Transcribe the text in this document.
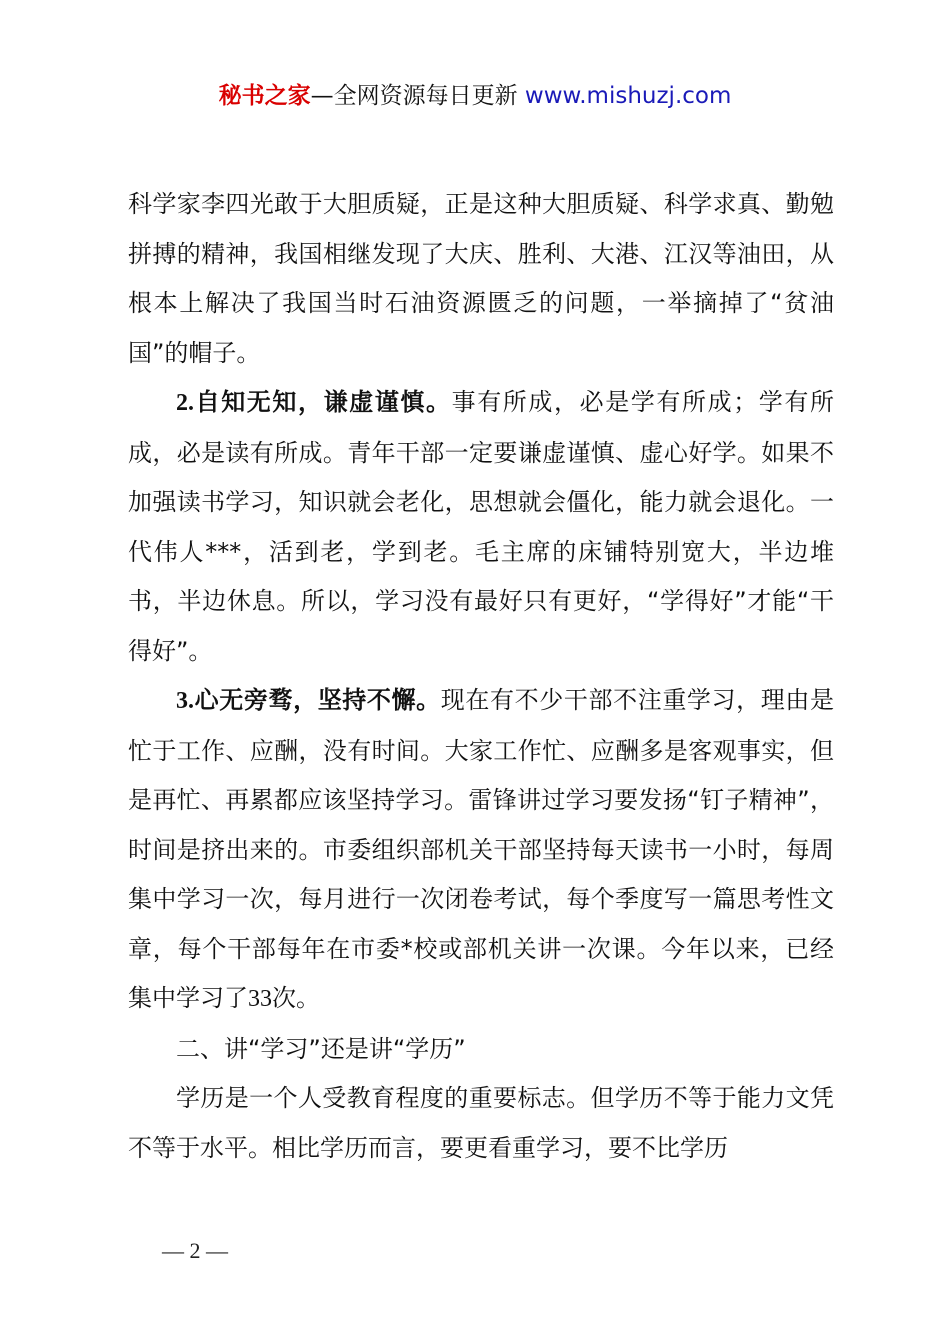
秘书之家—全网资源每日更新 www.mishuzj.com

科学家李四光敢于大胆质疑，正是这种大胆质疑、科学求真、勤勉拼搏的精神，我国相继发现了大庆、胜利、大港、江汉等油田，从根本上解决了我国当时石油资源匮乏的问题，一举摘掉了“贫油国”的帽子。

2.自知无知，谦虚谨慎。事有所成，必是学有所成；学有所成，必是读有所成。青年干部一定要谦虚谨慎、虚心好学。如果不加强读书学习，知识就会老化，思想就会僵化，能力就会退化。一代伟人***，活到老，学到老。毛主席的床铺特别宽大，半边堆书，半边休息。所以，学习没有最好只有更好，“学得好”才能“干得好”。

3.心无旁骛，坚持不懈。现在有不少干部不注重学习，理由是忙于工作、应酬，没有时间。大家工作忙、应酬多是客观事实，但是再忙、再累都应该坚持学习。雷锋讲过学习要发扬“钉子精神”，时间是挤出来的。市委组织部机关干部坚持每天读书一小时，每周集中学习一次，每月进行一次闭卷考试，每个季度写一篇思考性文章，每个干部每年在市委*校或部机关讲一次课。今年以来，已经集中学习了33次。

二、讲“学习”还是讲“学历”

学历是一个人受教育程度的重要标志。但学历不等于能力文凭不等于水平。相比学历而言，要更看重学习，要不比学历

— 2 —
